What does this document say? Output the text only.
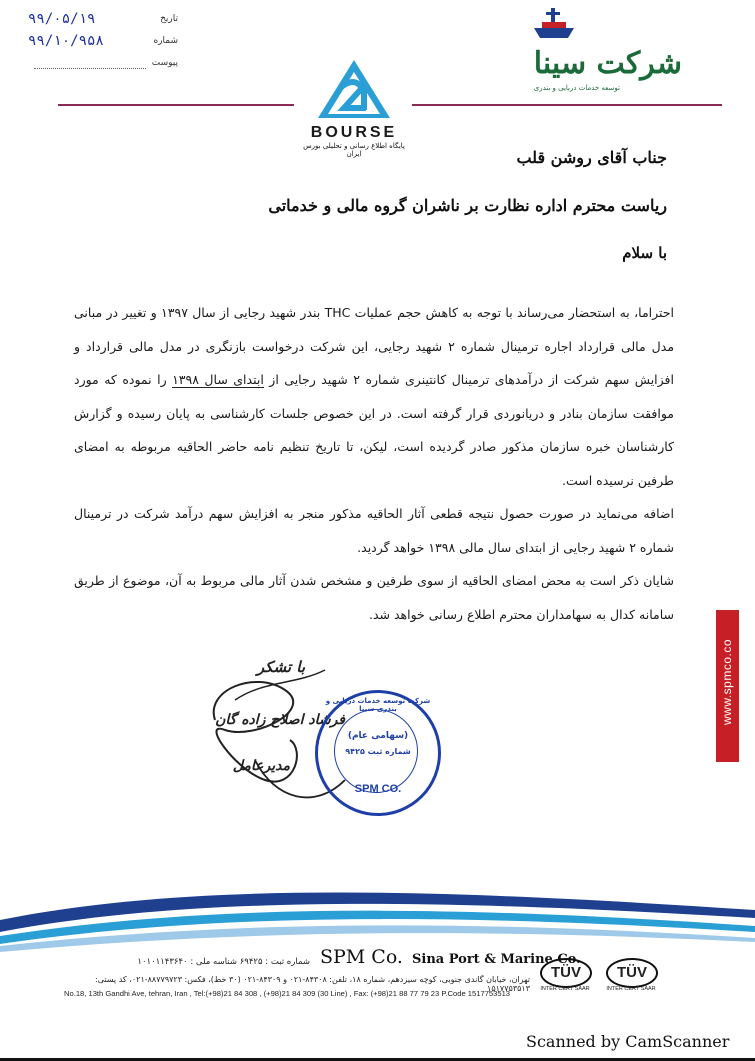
تاریخ
۹۹/۰۵/۱۹
شماره
۹۹/۱۰/۹۵۸
پیوست
BOURSE
پایگاه اطلاع رسانی و تحلیلی بورس ایران
شرکت سینا
توسعه خدمات دریایی و بندری
جناب آقای روشن قلب
ریاست محترم اداره نظارت بر ناشران گروه مالی و خدماتی
با سلام

احتراما، به استحضار می‌رساند با توجه به کاهش حجم عملیات THC بندر شهید رجایی از سال ۱۳۹۷ و تغییر در مبانی مدل مالی قرارداد اجاره ترمینال شماره ۲ شهید رجایی، این شرکت درخواست بازنگری در مدل مالی قرارداد و افزایش سهم شرکت از درآمدهای ترمینال کانتینری شماره ۲ شهید رجایی از ابتدای سال ۱۳۹۸ را نموده که مورد موافقت سازمان بنادر و دریانوردی قرار گرفته است. در این خصوص جلسات کارشناسی به پایان رسیده و گزارش کارشناسان خبره سازمان مذکور صادر گردیده است، لیکن، تا تاریخ تنظیم نامه حاضر الحاقیه مربوطه به امضای طرفین نرسیده است.

اضافه می‌نماید در صورت حصول نتیجه قطعی آثار الحاقیه مذکور منجر به افزایش سهم درآمد شرکت در ترمینال شماره ۲ شهید رجایی از ابتدای سال مالی ۱۳۹۸ خواهد گردید.

شایان ذکر است به محض امضای الحاقیه از سوی طرفین و مشخص شدن آثار مالی مربوط به آن، موضوع از طریق سامانه کدال به سهامداران محترم اطلاع رسانی خواهد شد.

با تشکر
فرشاد اصلاح زاده گان
مدیرعامل
شرکت توسعه خدمات دریایی و بندری سینا
(سهامی عام)
شماره ثبت ۹۴۲۵
SPM CO.
www.spmco.co
SPM Co. Sina Port & Marine Co.
شماره ثبت : ۶۹۴۲۵ شناسه ملی : ۱۰۱۰۱۱۴۳۶۴۰
تهران، خیابان گاندی جنوبی، کوچه سیزدهم، شماره ۱۸، تلفن: ۸۴۳۰۸-۰۲۱ و ۸۴۳۰۹-۰۲۱ (۳۰ خط)، فکس: ۸۸۷۷۹۷۲۳-۰۲۱، کد پستی: ۱۵۱۷۷۵۳۵۱۳
No.18, 13th Gandhi Ave, tehran, Iran , Tel:(+98)21 84 308 , (+98)21 84 309 (30 Line) , Fax: (+98)21 88 77 79 23 P.Code 1517753513
TÜV
INTER CERT SAAR
TÜV
INTER CERT SAAR
Scanned by CamScanner
